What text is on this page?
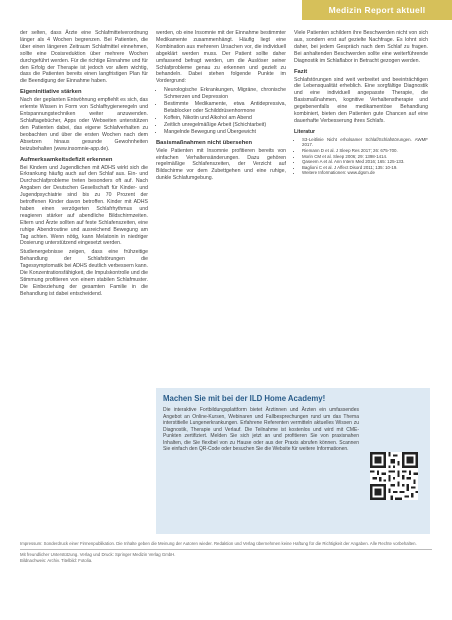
Medizin Report aktuell

der selten, dass Ärzte eine Schlafmittelverordnung länger als 4 Wochen begrenzen. Bei Patienten, die über einen längeren Zeitraum Schlafmittel einnehmen, sollte eine Dosisreduktion über mehrere Wochen durchgeführt werden. Für die richtige Einnahme und für den Erfolg der Therapie ist jedoch vor allem wichtig, dass die Patienten bereits einen langfristigen Plan für die Beendigung der Einnahme haben.

Eigeninitiative stärken

Nach der geplanten Entwöhnung empfiehlt es sich, das erlernte Wissen in Form von Schlafhygieneregeln und Entspannungstechniken weiter anzuwenden. Schlaftagebücher, Apps oder Webseiten unterstützen den Patienten dabei, das eigene Schlafverhalten zu beobachten und über die ersten Wochen nach dem Absetzen hinaus gesunde Gewohnheiten beizubehalten (www.insomnie-app.de).

Aufmerksamkeitsdefizit erkennen

Bei Kindern und Jugendlichen mit ADHS wirkt sich die Erkrankung häufig auch auf den Schlaf aus. Ein- und Durchschlafprobleme treten besonders oft auf. Nach Angaben der Deutschen Gesellschaft für Kinder- und Jugendpsychiatrie sind bis zu 70 Prozent der betroffenen Kinder davon betroffen. Kinder mit ADHS haben einen verzögerten Schlafrhythmus und reagieren stärker auf abendliche Bildschirmzeiten. Eltern und Ärzte sollten auf feste Schlafenszeiten, eine ruhige Abendroutine und ausreichend Bewegung am Tag achten. Wenn nötig, kann Melatonin in niedriger Dosierung unterstützend eingesetzt werden.

Studienergebnisse zeigen, dass eine frühzeitige Behandlung der Schlafstörungen die Tagessymptomatik bei ADHS deutlich verbessern kann. Die Konzentrationsfähigkeit, die Impulskontrolle und die Stimmung profitieren von einem stabilen Schlafmuster. Die Einbeziehung der gesamten Familie in die Behandlung ist dabei entscheidend.

werden, ob eine Insomnie mit der Einnahme bestimmter Medikamente zusammenhängt. Häufig liegt eine Kombination aus mehreren Ursachen vor, die individuell abgeklärt werden muss. Der Patient sollte daher umfassend befragt werden, um die Auslöser seiner Schlafprobleme genau zu erkennen und gezielt zu behandeln. Dabei stehen folgende Punkte im Vordergrund:

• Neurologische Erkrankungen, Migräne, chronische Schmerzen und Depression
• Bestimmte Medikamente, etwa Antidepressiva, Betablocker oder Schilddrüsenhormone
• Koffein, Nikotin und Alkohol am Abend
• Zeitlich unregelmäßige Arbeit (Schichtarbeit)
• Mangelnde Bewegung und Übergewicht
Basismaßnahmen nicht übersehen

Viele Patienten mit Insomnie profitieren bereits von einfachen Verhaltensänderungen. Dazu gehören regelmäßige Schlafenszeiten, der Verzicht auf Bildschirme vor dem Zubettgehen und eine ruhige, dunkle Schlafumgebung.

Viele Patienten schildern ihre Beschwerden nicht von sich aus, sondern erst auf gezielte Nachfrage. Es lohnt sich daher, bei jedem Gespräch nach dem Schlaf zu fragen. Bei anhaltenden Beschwerden sollte eine weiterführende Diagnostik im Schlaflabor in Betracht gezogen werden.

Fazit

Schlafstörungen sind weit verbreitet und beeinträchtigen die Lebensqualität erheblich. Eine sorgfältige Diagnostik und eine individuell angepasste Therapie, die Basismaßnahmen, kognitive Verhaltenstherapie und gegebenenfalls eine medikamentöse Behandlung kombiniert, bieten den Patienten gute Chancen auf eine dauerhafte Verbesserung ihres Schlafs.

Literatur
• S3-Leitlinie Nicht erholsamer Schlaf/Schlafstörungen. AWMF 2017.
• Riemann D et al. J Sleep Res 2017; 26: 675-700.
• Morin CM et al. Sleep 2006; 29: 1398-1414.
• Qaseem A et al. Ann Intern Med 2016; 165: 125-133.
• Baglioni C et al. J Affect Disord 2011; 135: 10-19.
• Weitere Informationen: www.dgsm.de
Machen Sie mit bei der ILD Home Academy!

Die interaktive Fortbildungsplattform bietet Ärztinnen und Ärzten ein umfassendes Angebot an Online-Kursen, Webinaren und Fallbesprechungen rund um das Thema interstitielle Lungenerkrankungen. Erfahrene Referenten vermitteln aktuelles Wissen zu Diagnostik, Therapie und Verlauf. Die Teilnahme ist kostenlos und wird mit CME-Punkten zertifiziert. Melden Sie sich jetzt an und profitieren Sie von praxisnahen Inhalten, die Sie flexibel von zu Hause oder aus der Praxis abrufen können. Scannen Sie einfach den QR-Code oder besuchen Sie die Website für weitere Informationen.

Impressum: Sonderdruck einer Firmenpublikation. Die Inhalte geben die Meinung der Autoren wieder. Redaktion und Verlag übernehmen keine Haftung für die Richtigkeit der Angaben. Alle Rechte vorbehalten.

Mit freundlicher Unterstützung. Verlag und Druck: Springer Medizin Verlag GmbH.

Bildnachweis: Archiv. Titelbild: Fotolia.
